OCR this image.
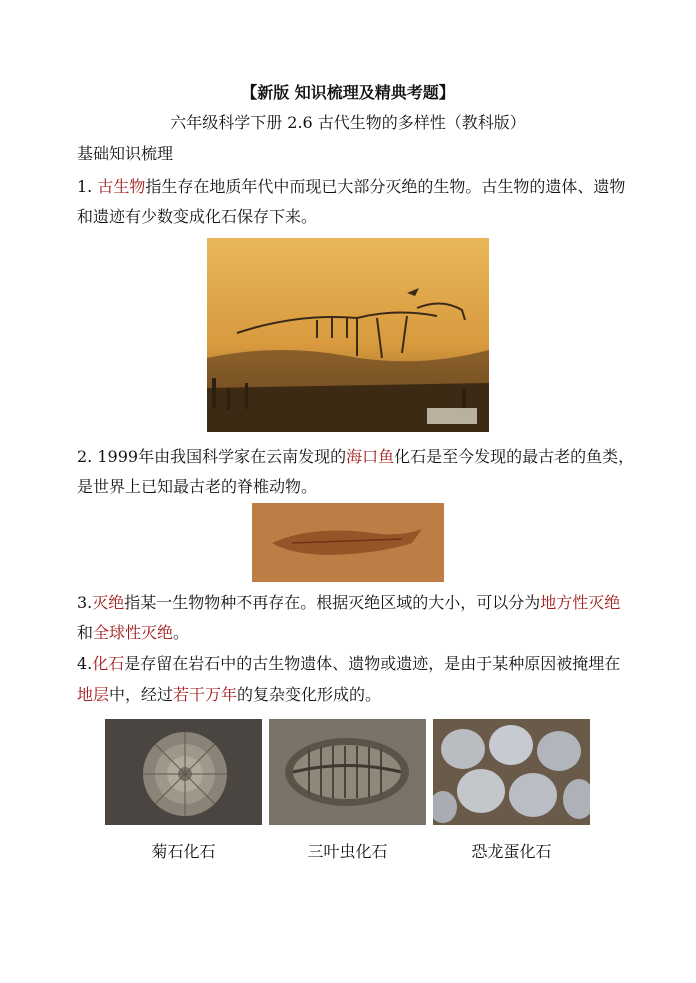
【新版 知识梳理及精典考题】
六年级科学下册 2.6 古代生物的多样性（教科版）
基础知识梳理
1. 古生物指生存在地质年代中而现已大部分灭绝的生物。古生物的遗体、遗物
和遗迹有少数变成化石保存下来。
2. 1999年由我国科学家在云南发现的海口鱼化石是至今发现的最古老的鱼类，
是世界上已知最古老的脊椎动物。
3.灭绝指某一生物物种不再存在。根据灭绝区域的大小，可以分为地方性灭绝
和全球性灭绝。
4.化石是存留在岩石中的古生物遗体、遗物或遗迹，是由于某种原因被掩埋在
地层中，经过若干万年的复杂变化形成的。
菊石化石	三叶虫化石	恐龙蛋化石
